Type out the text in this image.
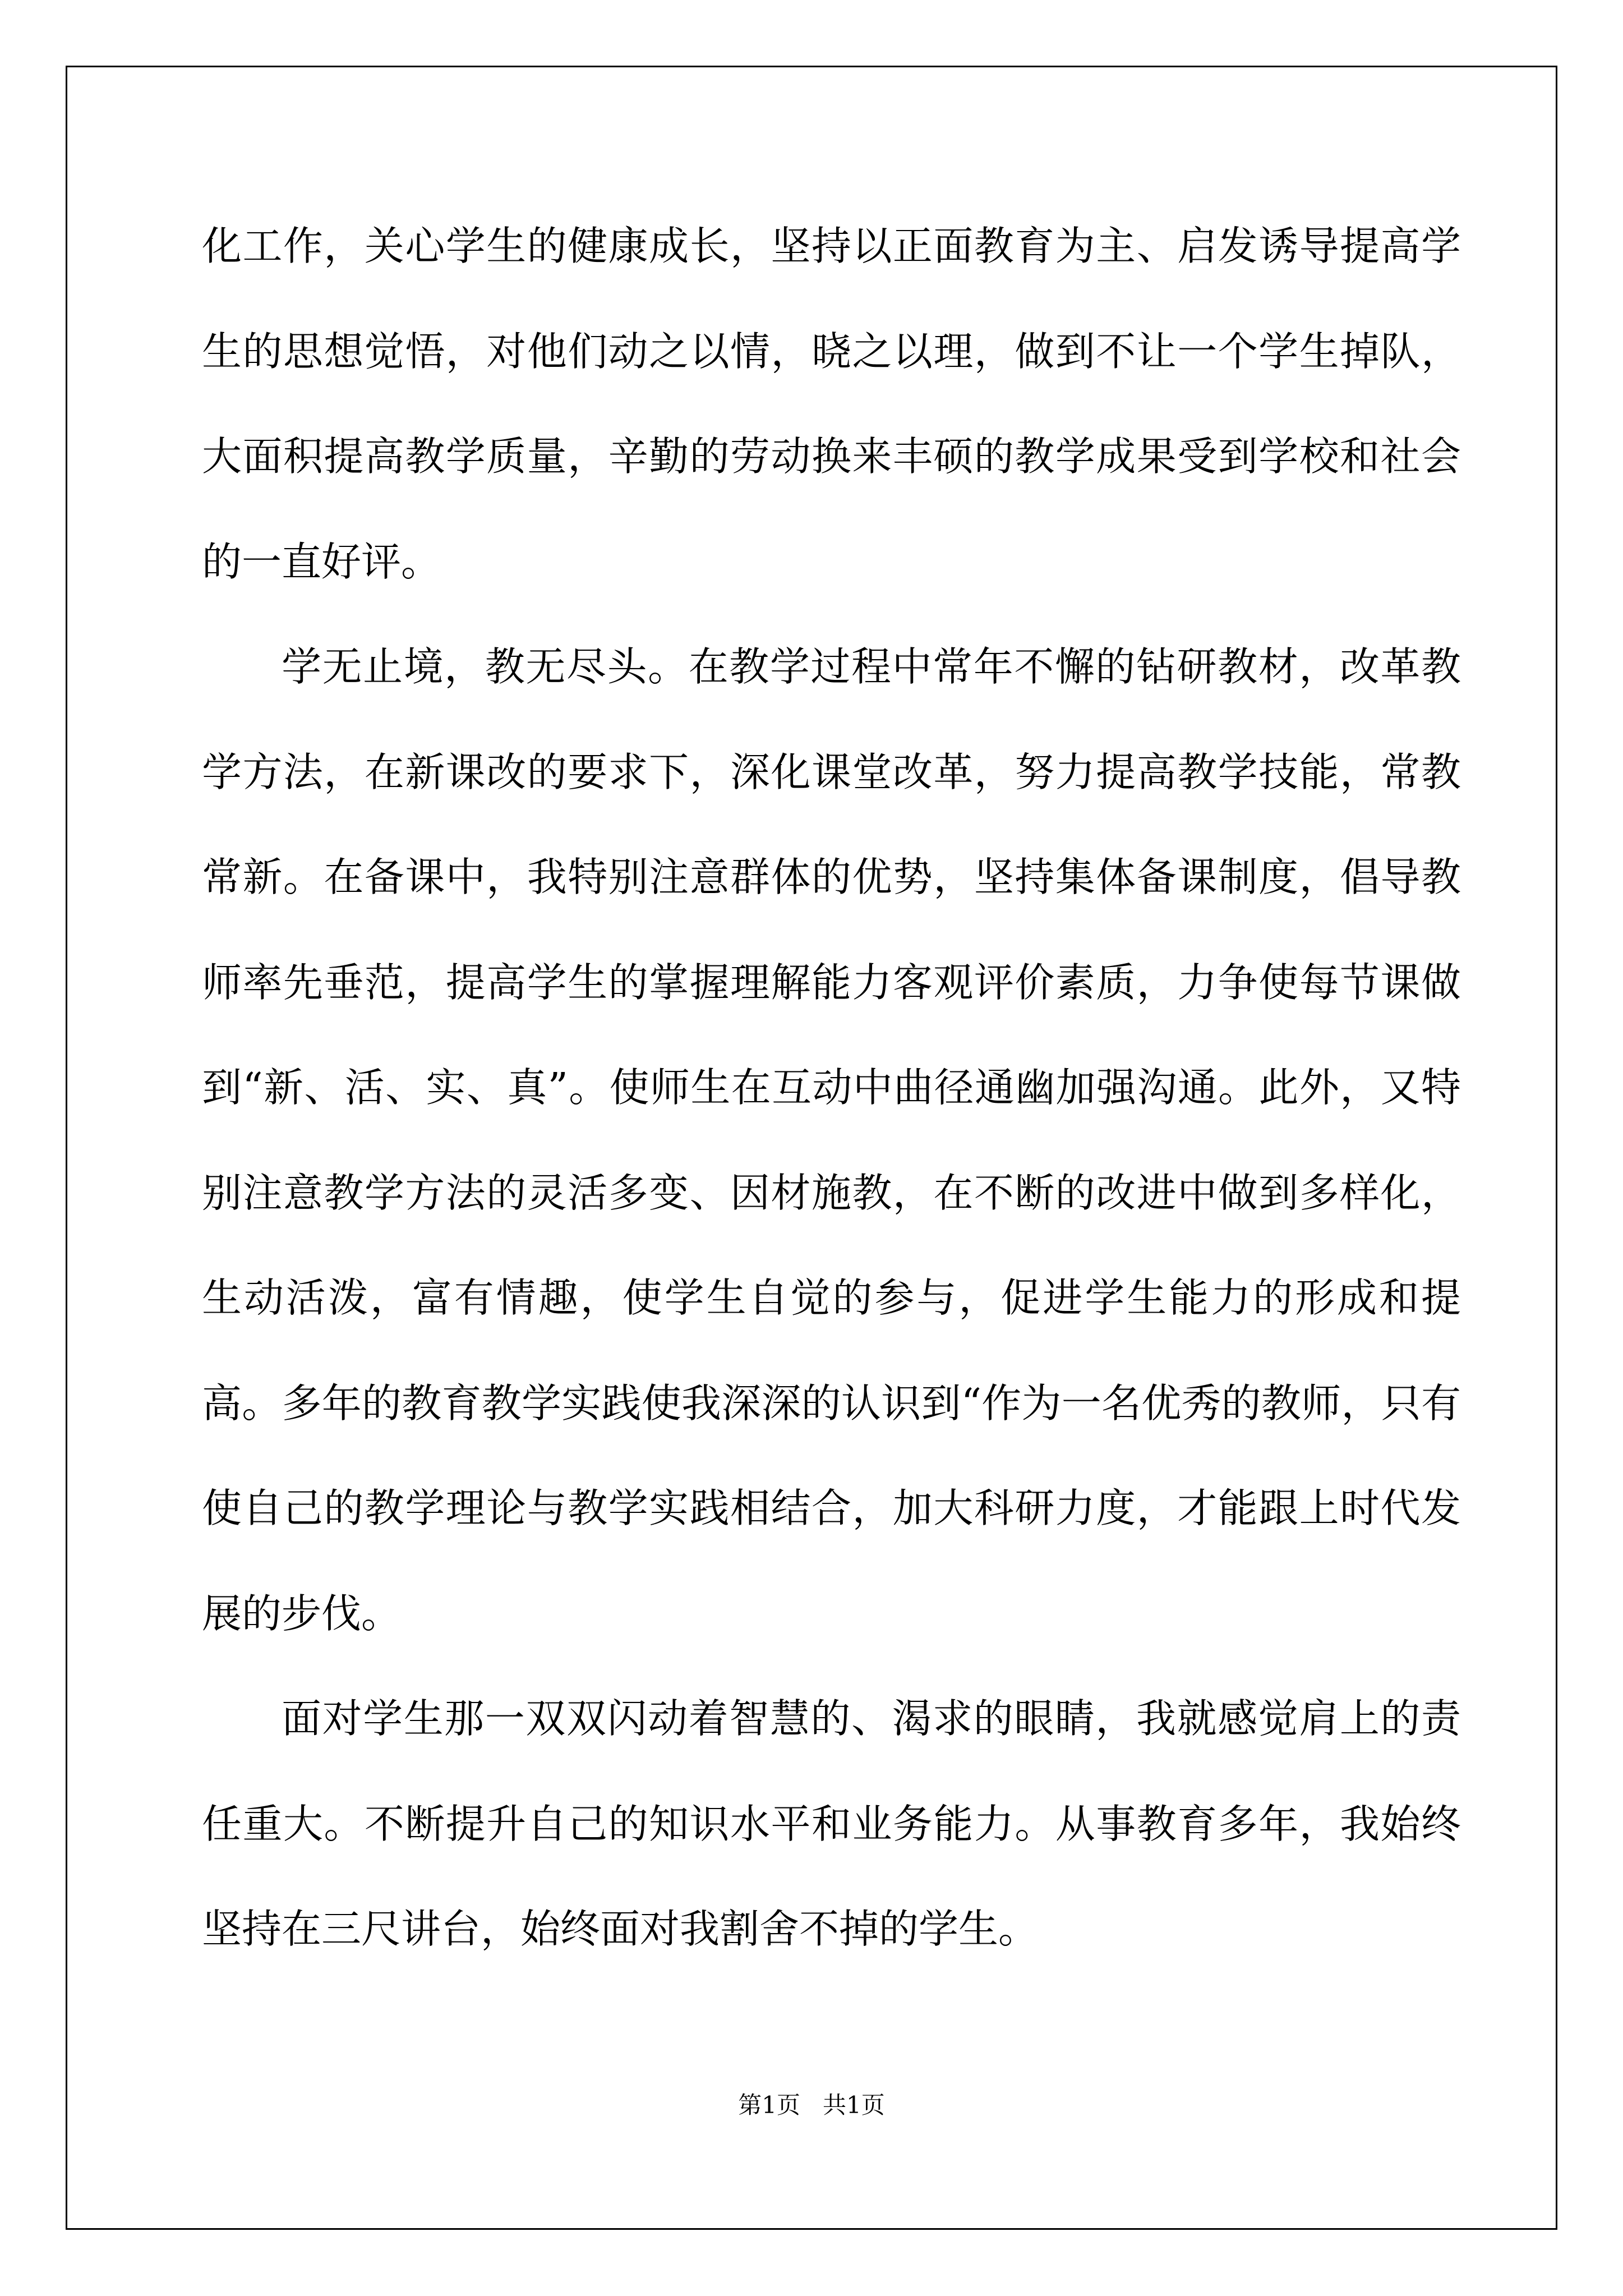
化工作，关心学生的健康成长，坚持以正面教育为主、启发诱导提高学生的思想觉悟，对他们动之以情，晓之以理，做到不让一个学生掉队，大面积提高教学质量，辛勤的劳动换来丰硕的教学成果受到学校和社会的一直好评。

学无止境，教无尽头。在教学过程中常年不懈的钻研教材，改革教学方法，在新课改的要求下，深化课堂改革，努力提高教学技能，常教常新。在备课中，我特别注意群体的优势，坚持集体备课制度，倡导教师率先垂范，提高学生的掌握理解能力客观评价素质，力争使每节课做到“新、活、实、真”。使师生在互动中曲径通幽加强沟通。此外，又特别注意教学方法的灵活多变、因材施教，在不断的改进中做到多样化，生动活泼，富有情趣，使学生自觉的参与，促进学生能力的形成和提高。多年的教育教学实践使我深深的认识到“作为一名优秀的教师，只有使自己的教学理论与教学实践相结合，加大科研力度，才能跟上时代发展的步伐。

面对学生那一双双闪动着智慧的、渴求的眼睛，我就感觉肩上的责任重大。不断提升自己的知识水平和业务能力。从事教育多年，我始终坚持在三尺讲台，始终面对我割舍不掉的学生。

第1页   共1页
